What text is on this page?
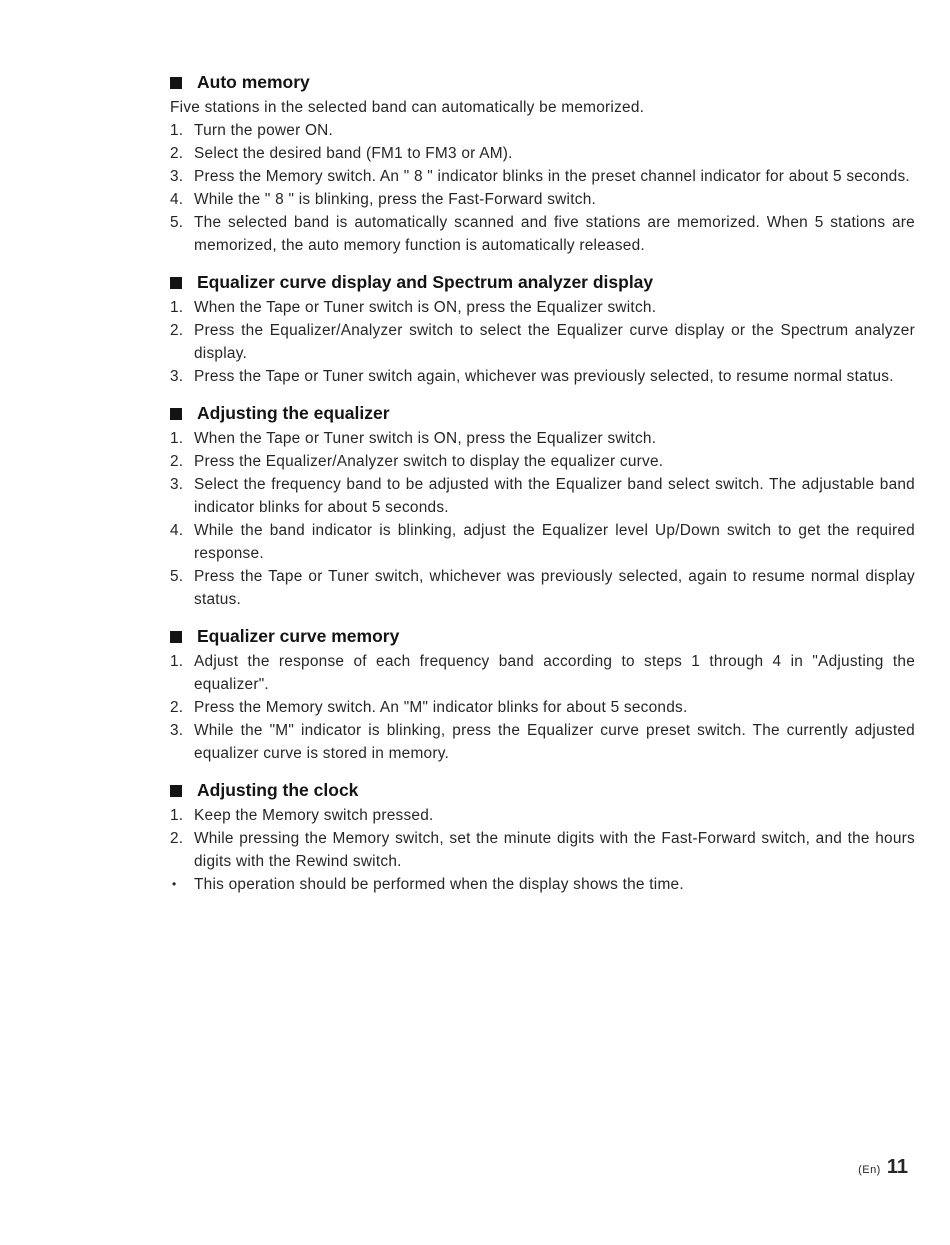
Auto memory

Five stations in the selected band can automatically be memorized.

1. Turn the power ON.
2. Select the desired band (FM1 to FM3 or AM).
3. Press the Memory switch. An " 8 " indicator blinks in the preset channel indicator for about 5 seconds.
4. While the " 8 " is blinking, press the Fast-Forward switch.
5. The selected band is automatically scanned and five stations are memorized. When 5 stations are memorized, the auto memory function is automatically released.
Equalizer curve display and Spectrum analyzer display
1. When the Tape or Tuner switch is ON, press the Equalizer switch.
2. Press the Equalizer/Analyzer switch to select the Equalizer curve display or the Spectrum analyzer display.
3. Press the Tape or Tuner switch again, whichever was previously selected, to resume normal status.
Adjusting the equalizer
1. When the Tape or Tuner switch is ON, press the Equalizer switch.
2. Press the Equalizer/Analyzer switch to display the equalizer curve.
3. Select the frequency band to be adjusted with the Equalizer band select switch. The adjustable band indicator blinks for about 5 seconds.
4. While the band indicator is blinking, adjust the Equalizer level Up/Down switch to get the required response.
5. Press the Tape or Tuner switch, whichever was previously selected, again to resume normal display status.
Equalizer curve memory
1. Adjust the response of each frequency band according to steps 1 through 4 in "Adjusting the equalizer".
2. Press the Memory switch. An "M" indicator blinks for about 5 seconds.
3. While the "M" indicator is blinking, press the Equalizer curve preset switch. The currently adjusted equalizer curve is stored in memory.
Adjusting the clock
1. Keep the Memory switch pressed.
2. While pressing the Memory switch, set the minute digits with the Fast-Forward switch, and the hours digits with the Rewind switch.
• This operation should be performed when the display shows the time.
(En) 11
